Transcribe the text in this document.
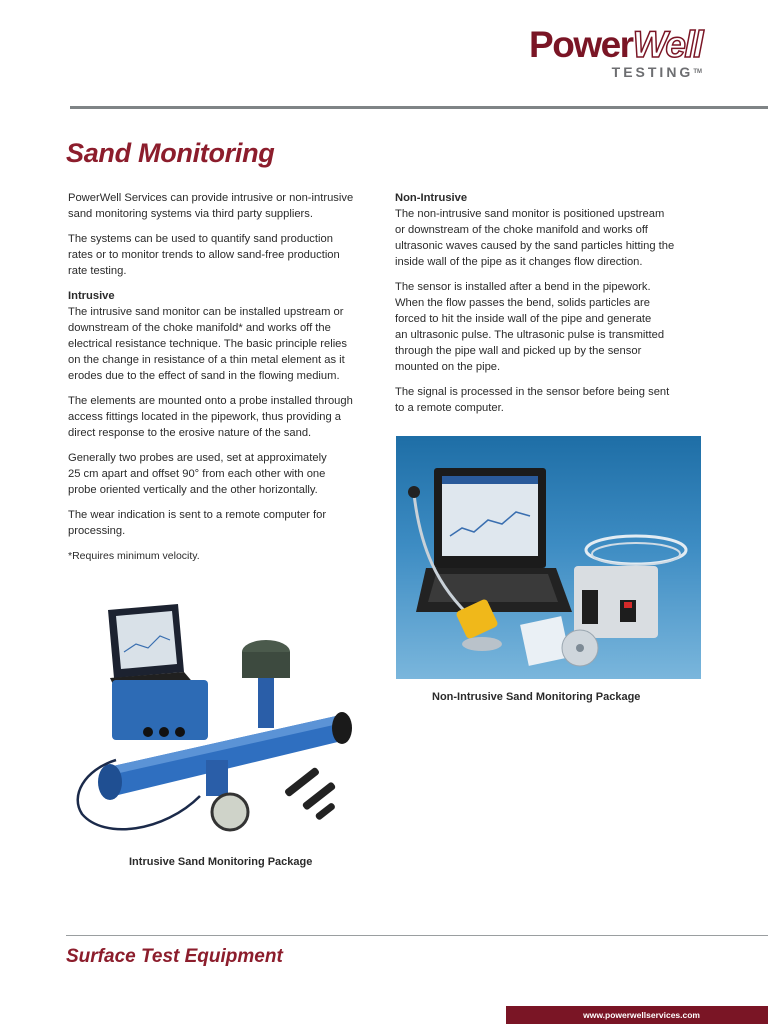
PowerWell
TESTING™
Sand Monitoring

PowerWell Services can provide intrusive or non-intrusive
sand monitoring systems via third party suppliers.

The systems can be used to quantify sand production
rates or to monitor trends to allow sand-free production
rate testing.

Intrusive

The intrusive sand monitor can be installed upstream or
downstream of the choke manifold* and works off the
electrical resistance technique. The basic principle relies
on the change in resistance of a thin metal element as it
erodes due to the effect of sand in the flowing medium.

The elements are mounted onto a probe installed through
access fittings located in the pipework, thus providing a
direct response to the erosive nature of the sand.

Generally two probes are used, set at approximately
25 cm apart and offset 90° from each other with one
probe oriented vertically and the other horizontally.

The wear indication is sent to a remote computer for
processing.

*Requires minimum velocity.

Non-Intrusive

The non-intrusive sand monitor is positioned upstream
or downstream of the choke manifold and works off
ultrasonic waves caused by the sand particles hitting the
inside wall of the pipe as it changes flow direction.

The sensor is installed after a bend in the pipework.
When the flow passes the bend, solids particles are
forced to hit the inside wall of the pipe and generate
an ultrasonic pulse. The ultrasonic pulse is transmitted
through the pipe wall and picked up by the sensor
mounted on the pipe.

The signal is processed in the sensor before being sent
to a remote computer.

Non-Intrusive Sand Monitoring Package
Intrusive Sand Monitoring Package
Surface Test Equipment
www.powerwellservices.com
